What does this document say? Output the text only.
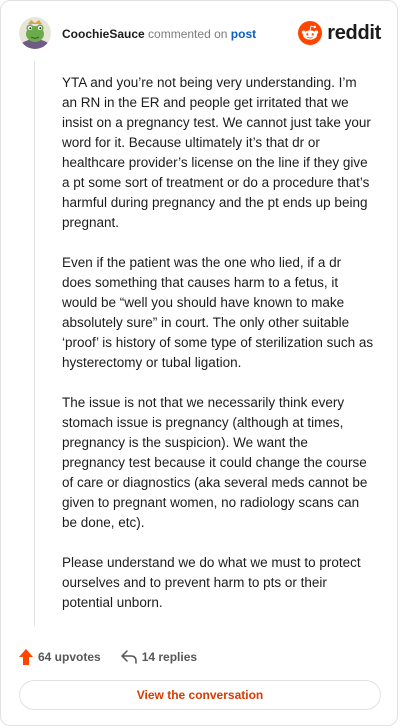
CoochieSauce commented on post	reddit

YTA and you’re not being very understanding. I’m an RN in the ER and people get irritated that we insist on a pregnancy test. We cannot just take your word for it. Because ultimately it’s that dr or healthcare provider’s license on the line if they give a pt some sort of treatment or do a procedure that’s harmful during pregnancy and the pt ends up being pregnant.

Even if the patient was the one who lied, if a dr does something that causes harm to a fetus, it would be “well you should have known to make absolutely sure” in court. The only other suitable ‘proof’ is history of some type of sterilization such as hysterectomy or tubal ligation.

The issue is not that we necessarily think every stomach issue is pregnancy (although at times, pregnancy is the suspicion). We want the pregnancy test because it could change the course of care or diagnostics (aka several meds cannot be given to pregnant women, no radiology scans can be done, etc).

Please understand we do what we must to protect ourselves and to prevent harm to pts or their potential unborn.

64 upvotes	14 replies
View the conversation
